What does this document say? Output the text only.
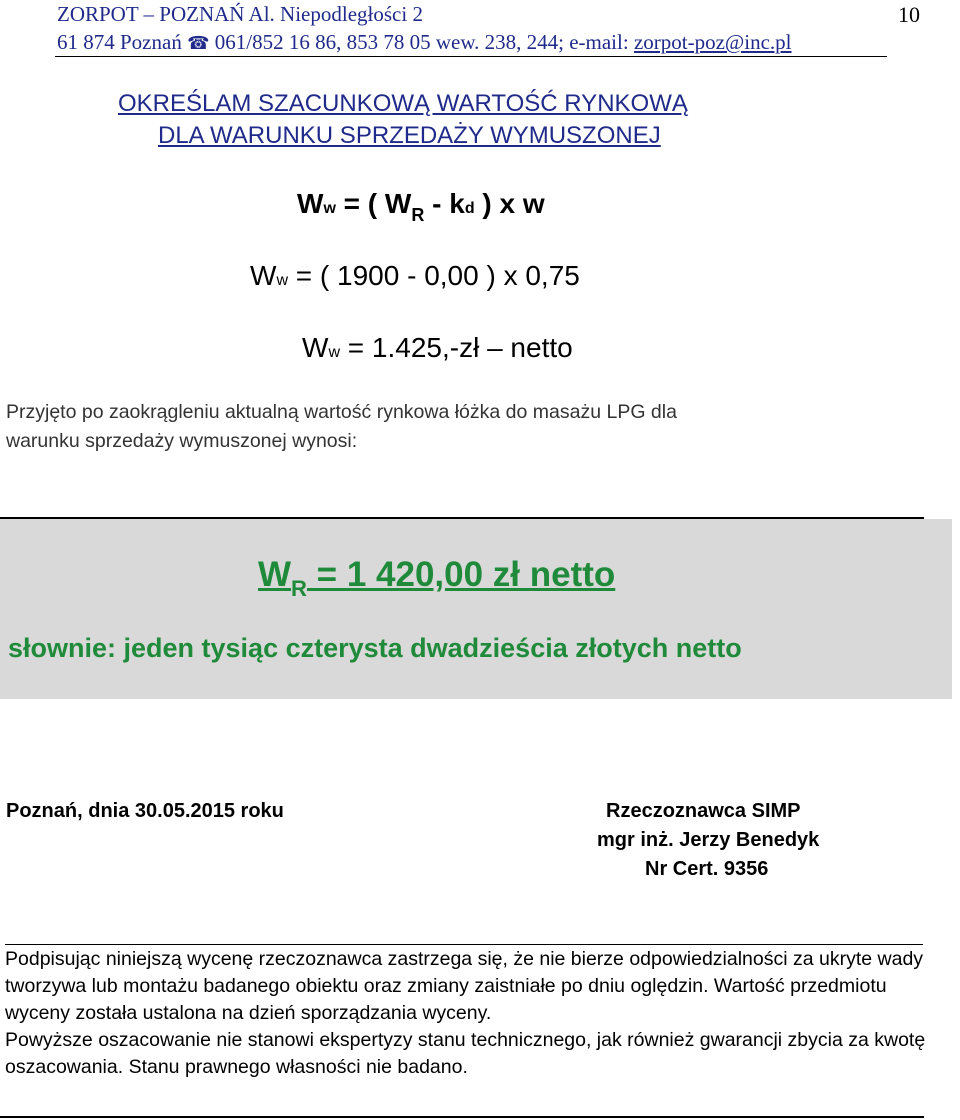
ZORPOT – POZNAŃ Al. Niepodległości 2	10
61 874 Poznań ☎ 061/852 16 86, 853 78 05 wew. 238, 244; e-mail: zorpot-poz@inc.pl
OKREŚLAM SZACUNKOWĄ WARTOŚĆ RYNKOWĄ
DLA WARUNKU SPRZEDAŻY WYMUSZONEJ
Ww = ( $W_R$ - kd ) x w
Ww = ( 1900 - 0,00 ) x 0,75
Ww = 1.425,-zł – netto
Przyjęto po zaokrągleniu aktualną wartość rynkowa łóżka do masażu LPG dla
warunku sprzedaży wymuszonej wynosi:
$W_R = 1$ 420,00 zł netto
słownie: jeden tysiąc czterysta dwadzieścia złotych netto
Poznań, dnia 30.05.2015 roku	Rzeczoznawca SIMP
mgr inż. Jerzy Benedyk
Nr Cert. 9356
Podpisując niniejszą wycenę rzeczoznawca zastrzega się, że nie bierze odpowiedzialności za ukryte wady tworzywa lub montażu badanego obiektu oraz zmiany zaistniałe po dniu oględzin. Wartość przedmiotu wyceny została ustalona na dzień sporządzania wyceny.
Powyższe oszacowanie nie stanowi ekspertyzy stanu technicznego, jak również gwarancji zbycia za kwotę oszacowania. Stanu prawnego własności nie badano.
